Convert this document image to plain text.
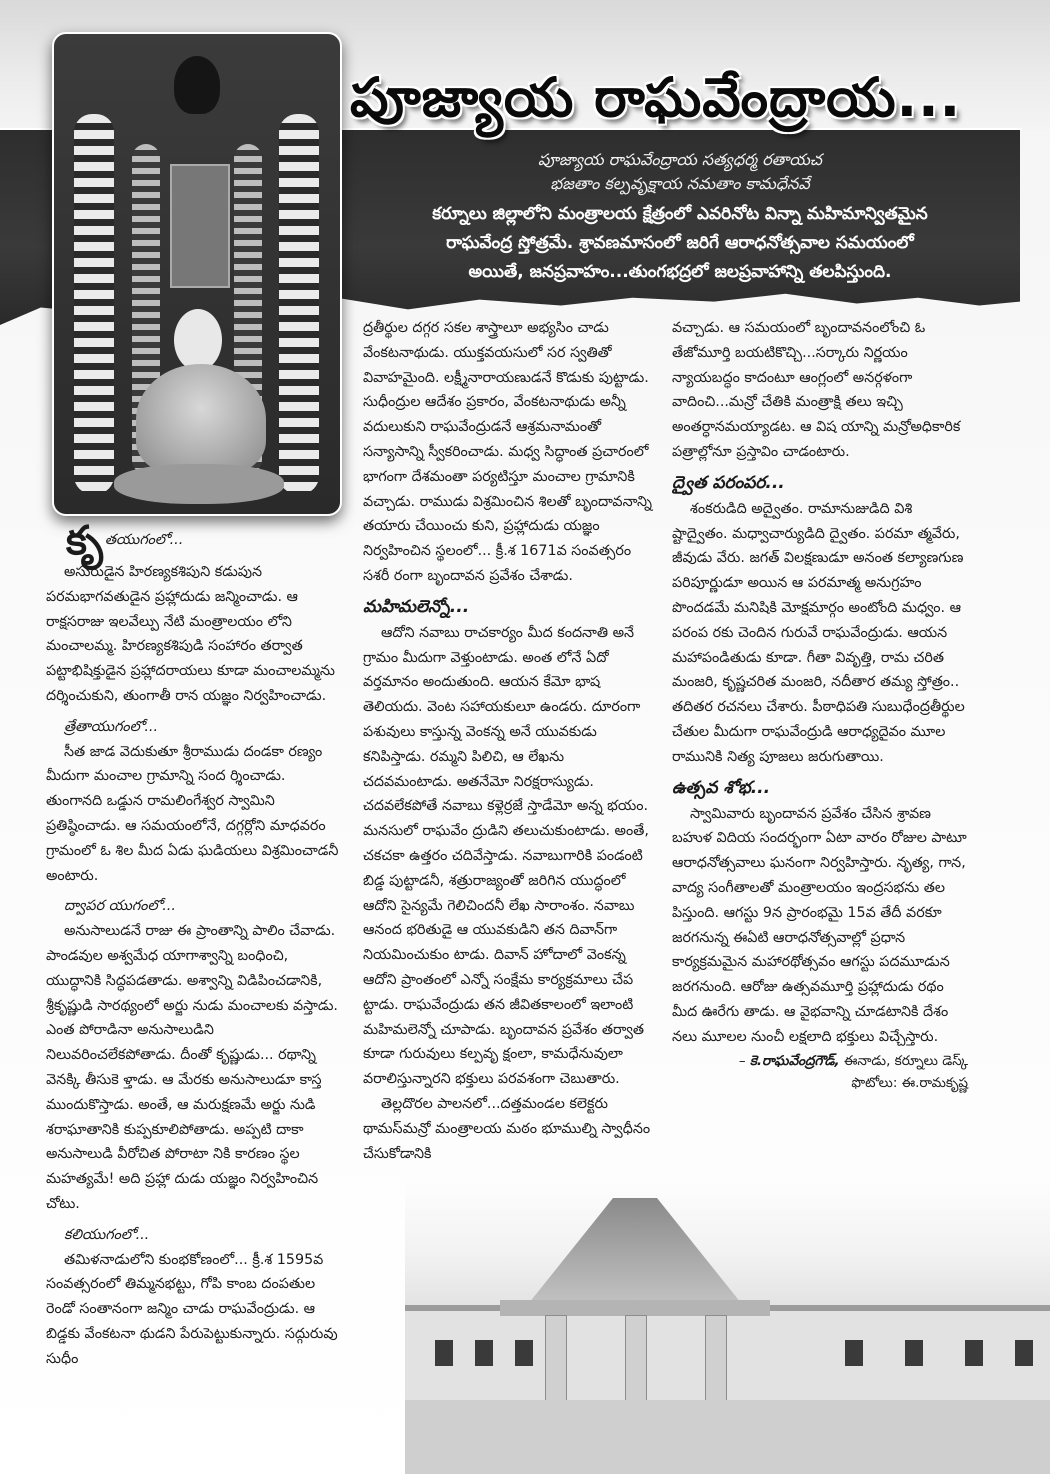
పూజ్యాయ రాఘవేంద్రాయ...
పూజ్యాయ రాఘవేంద్రాయ సత్యధర్మ రతాయచ
భజతాం కల్పవృక్షాయ నమతాం కామధేనవే
కర్నూలు జిల్లాలోని మంత్రాలయ క్షేత్రంలో ఎవరినోట విన్నా మహిమాన్వితమైన
రాఘవేంద్ర స్తోత్రమే. శ్రావణమాసంలో జరిగే ఆరాధనోత్సవాల సమయంలో
అయితే, జనప్రవాహం...తుంగభద్రలో జలప్రవాహాన్ని తలపిస్తుంది.
కృ తయుగంలో...

అసురుడైన హిరణ్యకశిపుని కడుపున పరమభాగవతుడైన ప్రహ్లాదుడు జన్మించాడు. ఆ రాక్షసరాజు ఇలవేల్పు నేటి మంత్రాలయం లోని మంచాలమ్మ. హిరణ్యకశిపుడి సంహారం తర్వాత పట్టాభిషిక్తుడైన ప్రహ్లాదరాయలు కూడా మంచాలమ్మను దర్శించుకుని, తుంగాతీ రాన యజ్ఞం నిర్వహించాడు.

త్రేతాయుగంలో...

సీత జాడ వెదుకుతూ శ్రీరాముడు దండకా రణ్యం మీదుగా మంచాల గ్రామాన్ని సంద ర్శించాడు. తుంగానది ఒడ్డున రామలింగేశ్వర స్వామిని ప్రతిష్ఠించాడు. ఆ సమయంలోనే, దగ్గర్లోని మాధవరం గ్రామంలో ఓ శిల మీద ఏడు ఘడియలు విశ్రమించాడనీ అంటారు.

ద్వాపర యుగంలో...

అనుసాలుడనే రాజు ఈ ప్రాంతాన్ని పాలిం చేవాడు. పాండవుల అశ్వమేధ యాగాశ్వాన్ని బంధించి, యుద్ధానికి సిద్ధపడతాడు. అశ్వాన్ని విడిపించడానికి, శ్రీకృష్ణుడి సారథ్యంలో అర్జు నుడు మంచాలకు వస్తాడు. ఎంత పోరాడినా అనుసాలుడిని నిలువరించలేకపోతాడు. దీంతో కృష్ణుడు... రథాన్ని వెనక్కి తీసుకె ళ్తాడు. ఆ మేరకు అనుసాలుడూ కాస్త ముందుకొస్తాడు. అంతే, ఆ మరుక్షణమే అర్జు నుడి శరాఘాతానికి కుప్పకూలిపోతాడు. అప్పటి దాకా అనుసాలుడి వీరోచిత పోరాటా నికి కారణం స్థల మహత్యమే! అది ప్రహ్లా దుడు యజ్ఞం నిర్వహించిన చోటు.

కలియుగంలో...

తమిళనాడులోని కుంభకోణంలో... క్రీ.శ 1595వ సంవత్సరంలో తిమ్మనభట్టు, గోపి కాంబ దంపతుల రెండో సంతానంగా జన్మిం చాడు రాఘవేంద్రుడు. ఆ బిడ్డకు వేంకటనా థుడని పేరుపెట్టుకున్నారు. సద్గురువు సుధీం

ద్రతీర్థుల దగ్గర సకల శాస్త్రాలూ అభ్యసిం చాడు వేంకటనాథుడు. యుక్తవయసులో సర స్వతితో వివాహమైంది. లక్ష్మీనారాయణుడనే కొడుకు పుట్టాడు. సుధీంద్రుల ఆదేశం ప్రకారం, వేంకటనాథుడు అన్నీ వదులుకుని రాఘవేంద్రుడనే ఆశ్రమనామంతో సన్యాసాన్ని స్వీకరించాడు. మధ్వ సిద్ధాంత ప్రచారంలో భాగంగా దేశమంతా పర్యటిస్తూ మంచాల గ్రామానికి వచ్చాడు. రాముడు విశ్రమించిన శిలతో బృందావనాన్ని తయారు చేయించు కుని, ప్రహ్లాదుడు యజ్ఞం నిర్వహించిన స్థలంలో... క్రీ.శ 1671వ సంవత్సరం సశరీ రంగా బృందావన ప్రవేశం చేశాడు.

మహిమలెన్నో...

ఆదోని నవాబు రాచకార్యం మీద కందనాతి అనే గ్రామం మీదుగా వెళ్తుంటాడు. అంత లోనే ఏదో వర్తమానం అందుతుంది. ఆయన కేమో భాష తెలియదు. వెంట సహాయకులూ ఉండరు. దూరంగా పశువులు కాస్తున్న వెంకన్న అనే యువకుడు కనిపిస్తాడు. రమ్మని పిలిచి, ఆ లేఖను చదవమంటాడు. అతనేమో నిరక్షరాస్యుడు. చదవలేకపోతే నవాబు కళ్లెర్రజే స్తాడేమో అన్న భయం. మనసులో రాఘవేం ద్రుడిని తలుచుకుంటాడు. అంతే, చకచకా ఉత్తరం చదివేస్తాడు. నవాబుగారికి పండంటి బిడ్డ పుట్టాడనీ, శత్రురాజ్యంతో జరిగిన యుద్ధంలో ఆదోని సైన్యమే గెలిచిందనీ లేఖ సారాంశం. నవాబు ఆనంద భరితుడై ఆ యువకుడిని తన దివాన్‌గా నియమించుకుం టాడు. దివాన్ హోదాలో వెంకన్న ఆదోని ప్రాంతంలో ఎన్నో సంక్షేమ కార్యక్రమాలు చేప ట్టాడు. రాఘవేంద్రుడు తన జీవితకాలంలో ఇలాంటి మహిమలెన్నో చూపాడు. బృందావన ప్రవేశం తర్వాత కూడా గురువులు కల్పవృ క్షంలా, కామధేనువులా వరాలిస్తున్నారని భక్తులు పరవశంగా చెబుతారు.

తెల్లదొరల పాలనలో...దత్తమండల కలెక్టరు థామస్‌మన్రో మంత్రాలయ మఠం భూముల్ని స్వాధీనం చేసుకోడానికి

వచ్చాడు. ఆ సమయంలో బృందావనంలోంచి ఓ తేజోమూర్తి బయటికొచ్చి...సర్కారు నిర్ణయం న్యాయబద్ధం కాదంటూ ఆంగ్లంలో అనర్గళంగా వాదించి...మన్రో చేతికి మంత్రాక్షి తలు ఇచ్చి అంతర్ధానమయ్యాడట. ఆ విష యాన్ని మన్రోఅధికారిక పత్రాల్లోనూ ప్రస్తావిం చాడంటారు.

ద్వైత పరంపర...

శంకరుడిది అద్వైతం. రామానుజుడిది విశి ష్టాద్వైతం. మధ్వాచార్యుడిది ద్వైతం. పరమా త్మవేరు, జీవుడు వేరు. జగత్ విలక్షణుడూ అనంత కల్యాణగుణ పరిపూర్ణుడూ అయిన ఆ పరమాత్మ అనుగ్రహం పొందడమే మనిషికి మోక్షమార్గం అంటోంది మధ్వం. ఆ పరంప రకు చెందిన గురువే రాఘవేంద్రుడు. ఆయన మహాపండితుడు కూడా. గీతా వివృత్తి, రామ చరిత మంజరి, కృష్ణచరిత మంజరి, నదీతార తమ్య స్తోత్రం.. తదితర రచనలు చేశారు. పీఠాధిపతి సుబుధేంద్రతీర్థుల చేతుల మీదుగా రాఘవేంద్రుడి ఆరాధ్యదైవం మూల రామునికి నిత్య పూజలు జరుగుతాయి.

ఉత్సవ శోభ...

స్వామివారు బృందావన ప్రవేశం చేసిన శ్రావణ బహుళ విదియ సందర్భంగా ఏటా వారం రోజుల పాటూ ఆరాధనోత్సవాలు ఘనంగా నిర్వహిస్తారు. నృత్య, గాన, వాద్య సంగీతాలతో మంత్రాలయం ఇంద్రసభను తల పిస్తుంది. ఆగస్టు 9న ప్రారంభమై 15వ తేదీ వరకూ జరగనున్న ఈఏటి ఆరాధనోత్సవాల్లో ప్రధాన కార్యక్రమమైన మహారథోత్సవం ఆగస్టు పదమూడున జరగనుంది. ఆరోజు ఉత్సవమూర్తి ప్రహ్లాదుడు రథం మీద ఊరేగు తాడు. ఆ వైభవాన్ని చూడటానికి దేశం నలు మూలల నుంచీ లక్షలాది భక్తులు విచ్చేస్తారు.

– కె.రాఘవేంద్రగౌడ్, ఈనాడు, కర్నూలు డెస్క్
ఫొటోలు: ఈ.రామకృష్ణ
